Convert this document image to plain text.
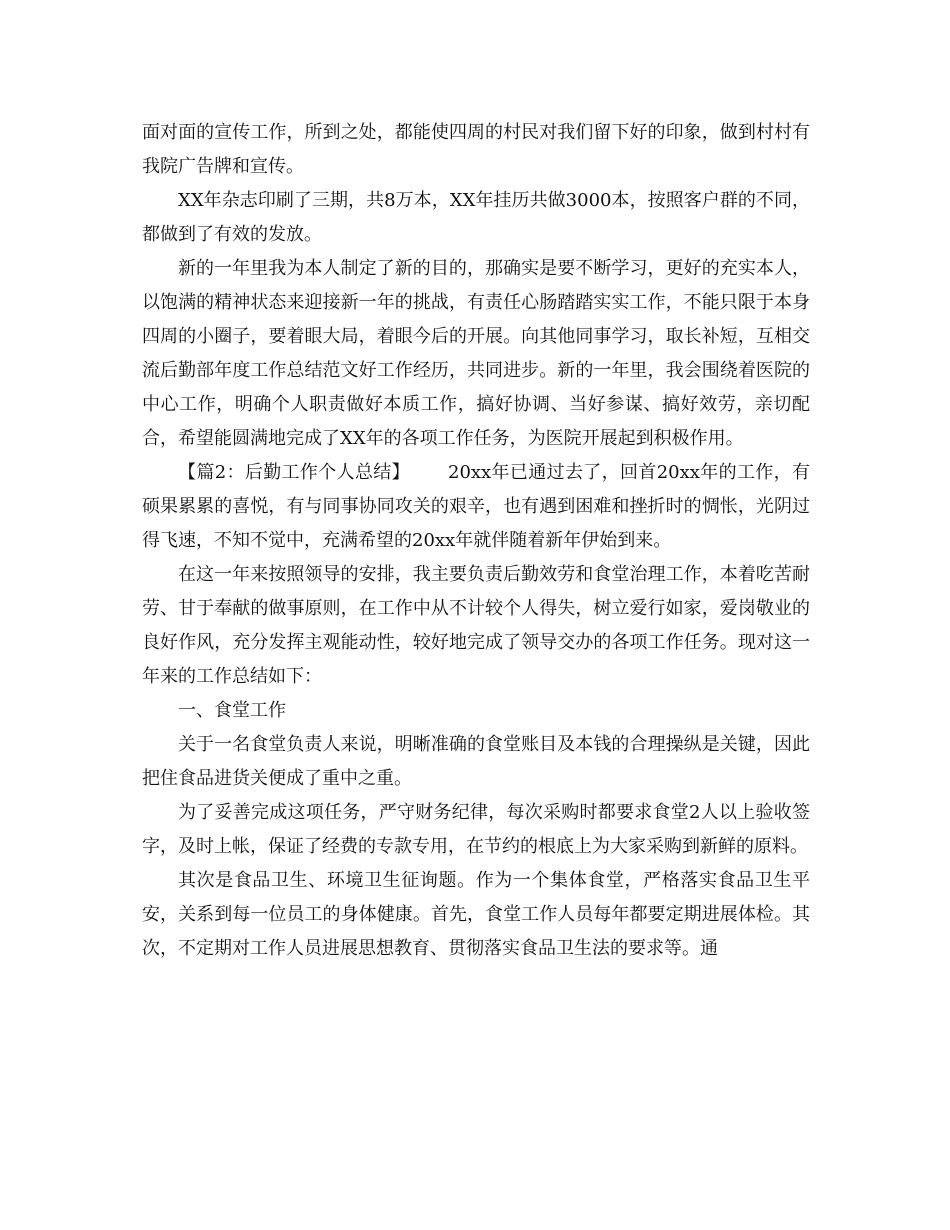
面对面的宣传工作，所到之处，都能使四周的村民对我们留下好的印象，做到村村有我院广告牌和宣传。

XX年杂志印刷了三期，共8万本，XX年挂历共做3000本，按照客户群的不同，都做到了有效的发放。

新的一年里我为本人制定了新的目的，那确实是要不断学习，更好的充实本人，以饱满的精神状态来迎接新一年的挑战，有责任心肠踏踏实实工作，不能只限于本身四周的小圈子，要着眼大局，着眼今后的开展。向其他同事学习，取长补短，互相交流后勤部年度工作总结范文好工作经历，共同进步。新的一年里，我会围绕着医院的中心工作，明确个人职责做好本质工作，搞好协调、当好参谋、搞好效劳，亲切配合，希望能圆满地完成了XX年的各项工作任务，为医院开展起到积极作用。

【篇2：后勤工作个人总结】 20xx年已通过去了，回首20xx年的工作，有硕果累累的喜悦，有与同事协同攻关的艰辛，也有遇到困难和挫折时的惆怅，光阴过得飞速，不知不觉中，充满希望的20xx年就伴随着新年伊始到来。

在这一年来按照领导的安排，我主要负责后勤效劳和食堂治理工作，本着吃苦耐劳、甘于奉献的做事原则，在工作中从不计较个人得失，树立爱行如家，爱岗敬业的良好作风，充分发挥主观能动性，较好地完成了领导交办的各项工作任务。现对这一年来的工作总结如下：

一、食堂工作

关于一名食堂负责人来说，明晰准确的食堂账目及本钱的合理操纵是关键，因此把住食品进货关便成了重中之重。

为了妥善完成这项任务，严守财务纪律，每次采购时都要求食堂2人以上验收签字，及时上帐，保证了经费的专款专用，在节约的根底上为大家采购到新鲜的原料。

其次是食品卫生、环境卫生征询题。作为一个集体食堂，严格落实食品卫生平安，关系到每一位员工的身体健康。首先，食堂工作人员每年都要定期进展体检。其次，不定期对工作人员进展思想教育、贯彻落实食品卫生法的要求等。通
